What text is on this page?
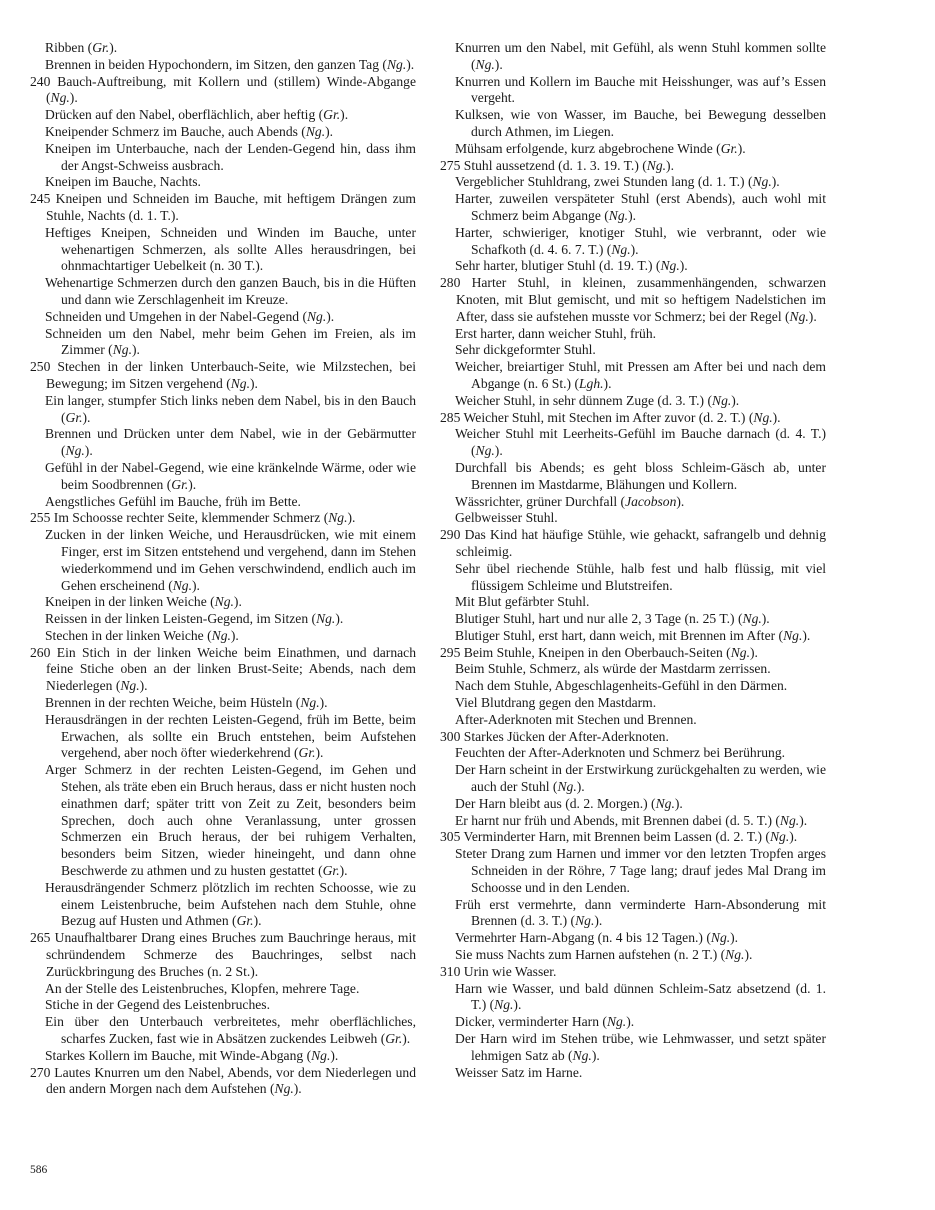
Ribben (Gr.).

Brennen in beiden Hypochondern, im Sitzen, den ganzen Tag (Ng.).

240 Bauch-Auftreibung, mit Kollern und (stillem) Winde-Abgange (Ng.).

Drücken auf den Nabel, oberflächlich, aber heftig (Gr.).

Kneipender Schmerz im Bauche, auch Abends (Ng.).

Kneipen im Unterbauche, nach der Lenden-Gegend hin, dass ihm der Angst-Schweiss ausbrach.

Kneipen im Bauche, Nachts.

245 Kneipen und Schneiden im Bauche, mit heftigem Drängen zum Stuhle, Nachts (d. 1. T.).

Heftiges Kneipen, Schneiden und Winden im Bauche, unter wehenartigen Schmerzen, als sollte Alles herausdringen, bei ohnmachtartiger Uebelkeit (n. 30 T.).

Wehenartige Schmerzen durch den ganzen Bauch, bis in die Hüften und dann wie Zerschlagenheit im Kreuze.

Schneiden und Umgehen in der Nabel-Gegend (Ng.).

Schneiden um den Nabel, mehr beim Gehen im Freien, als im Zimmer (Ng.).

250 Stechen in der linken Unterbauch-Seite, wie Milzstechen, bei Bewegung; im Sitzen vergehend (Ng.).

Ein langer, stumpfer Stich links neben dem Nabel, bis in den Bauch (Gr.).

Brennen und Drücken unter dem Nabel, wie in der Gebärmutter (Ng.).

Gefühl in der Nabel-Gegend, wie eine kränkelnde Wärme, oder wie beim Soodbrennen (Gr.).

Aengstliches Gefühl im Bauche, früh im Bette.

255 Im Schoosse rechter Seite, klemmender Schmerz (Ng.).

Zucken in der linken Weiche, und Herausdrücken, wie mit einem Finger, erst im Sitzen entstehend und vergehend, dann im Stehen wiederkommend und im Gehen verschwindend, endlich auch im Gehen erscheinend (Ng.).

Kneipen in der linken Weiche (Ng.).

Reissen in der linken Leisten-Gegend, im Sitzen (Ng.).

Stechen in der linken Weiche (Ng.).

260 Ein Stich in der linken Weiche beim Einathmen, und darnach feine Stiche oben an der linken Brust-Seite; Abends, nach dem Niederlegen (Ng.).

Brennen in der rechten Weiche, beim Hüsteln (Ng.).

Herausdrängen in der rechten Leisten-Gegend, früh im Bette, beim Erwachen, als sollte ein Bruch entstehen, beim Aufstehen vergehend, aber noch öfter wiederkehrend (Gr.).

Arger Schmerz in der rechten Leisten-Gegend, im Gehen und Stehen, als träte eben ein Bruch heraus, dass er nicht husten noch einathmen darf; später tritt von Zeit zu Zeit, besonders beim Sprechen, doch auch ohne Veranlassung, unter grossen Schmerzen ein Bruch heraus, der bei ruhigem Verhalten, besonders beim Sitzen, wieder hineingeht, und dann ohne Beschwerde zu athmen und zu husten gestattet (Gr.).

Herausdrängender Schmerz plötzlich im rechten Schoosse, wie zu einem Leistenbruche, beim Aufstehen nach dem Stuhle, ohne Bezug auf Husten und Athmen (Gr.).

265 Unaufhaltbarer Drang eines Bruches zum Bauchringe heraus, mit schründendem Schmerze des Bauchringes, selbst nach Zurückbringung des Bruches (n. 2 St.).

An der Stelle des Leistenbruches, Klopfen, mehrere Tage.

Stiche in der Gegend des Leistenbruches.

Ein über den Unterbauch verbreitetes, mehr oberflächliches, scharfes Zucken, fast wie in Absätzen zuckendes Leibweh (Gr.).

Starkes Kollern im Bauche, mit Winde-Abgang (Ng.).

270 Lautes Knurren um den Nabel, Abends, vor dem Niederlegen und den andern Morgen nach dem Aufstehen (Ng.).

Knurren um den Nabel, mit Gefühl, als wenn Stuhl kommen sollte (Ng.).

Knurren und Kollern im Bauche mit Heisshunger, was auf’s Essen vergeht.

Kulksen, wie von Wasser, im Bauche, bei Bewegung desselben durch Athmen, im Liegen.

Mühsam erfolgende, kurz abgebrochene Winde (Gr.).

275 Stuhl aussetzend (d. 1. 3. 19. T.) (Ng.).

Vergeblicher Stuhldrang, zwei Stunden lang (d. 1. T.) (Ng.).

Harter, zuweilen verspäteter Stuhl (erst Abends), auch wohl mit Schmerz beim Abgange (Ng.).

Harter, schwieriger, knotiger Stuhl, wie verbrannt, oder wie Schafkoth (d. 4. 6. 7. T.) (Ng.).

Sehr harter, blutiger Stuhl (d. 19. T.) (Ng.).

280 Harter Stuhl, in kleinen, zusammenhängenden, schwarzen Knoten, mit Blut gemischt, und mit so heftigem Nadelstichen im After, dass sie aufstehen musste vor Schmerz; bei der Regel (Ng.).

Erst harter, dann weicher Stuhl, früh.

Sehr dickgeformter Stuhl.

Weicher, breiartiger Stuhl, mit Pressen am After bei und nach dem Abgange (n. 6 St.) (Lgh.).

Weicher Stuhl, in sehr dünnem Zuge (d. 3. T.) (Ng.).

285 Weicher Stuhl, mit Stechen im After zuvor (d. 2. T.) (Ng.).

Weicher Stuhl mit Leerheits-Gefühl im Bauche darnach (d. 4. T.) (Ng.).

Durchfall bis Abends; es geht bloss Schleim-Gäsch ab, unter Brennen im Mastdarme, Blähungen und Kollern.

Wässrichter, grüner Durchfall (Jacobson).

Gelbweisser Stuhl.

290 Das Kind hat häufige Stühle, wie gehackt, safrangelb und dehnig schleimig.

Sehr übel riechende Stühle, halb fest und halb flüssig, mit viel flüssigem Schleime und Blutstreifen.

Mit Blut gefärbter Stuhl.

Blutiger Stuhl, hart und nur alle 2, 3 Tage (n. 25 T.) (Ng.).

Blutiger Stuhl, erst hart, dann weich, mit Brennen im After (Ng.).

295 Beim Stuhle, Kneipen in den Oberbauch-Seiten (Ng.).

Beim Stuhle, Schmerz, als würde der Mastdarm zerrissen.

Nach dem Stuhle, Abgeschlagenheits-Gefühl in den Därmen.

Viel Blutdrang gegen den Mastdarm.

After-Aderknoten mit Stechen und Brennen.

300 Starkes Jücken der After-Aderknoten.

Feuchten der After-Aderknoten und Schmerz bei Berührung.

Der Harn scheint in der Erstwirkung zurückgehalten zu werden, wie auch der Stuhl (Ng.).

Der Harn bleibt aus (d. 2. Morgen.) (Ng.).

Er harnt nur früh und Abends, mit Brennen dabei (d. 5. T.) (Ng.).

305 Verminderter Harn, mit Brennen beim Lassen (d. 2. T.) (Ng.).

Steter Drang zum Harnen und immer vor den letzten Tropfen arges Schneiden in der Röhre, 7 Tage lang; drauf jedes Mal Drang im Schoosse und in den Lenden.

Früh erst vermehrte, dann verminderte Harn-Absonderung mit Brennen (d. 3. T.) (Ng.).

Vermehrter Harn-Abgang (n. 4 bis 12 Tagen.) (Ng.).

Sie muss Nachts zum Harnen aufstehen (n. 2 T.) (Ng.).

310 Urin wie Wasser.

Harn wie Wasser, und bald dünnen Schleim-Satz absetzend (d. 1. T.) (Ng.).

Dicker, verminderter Harn (Ng.).

Der Harn wird im Stehen trübe, wie Lehmwasser, und setzt später lehmigen Satz ab (Ng.).

Weisser Satz im Harne.

586
